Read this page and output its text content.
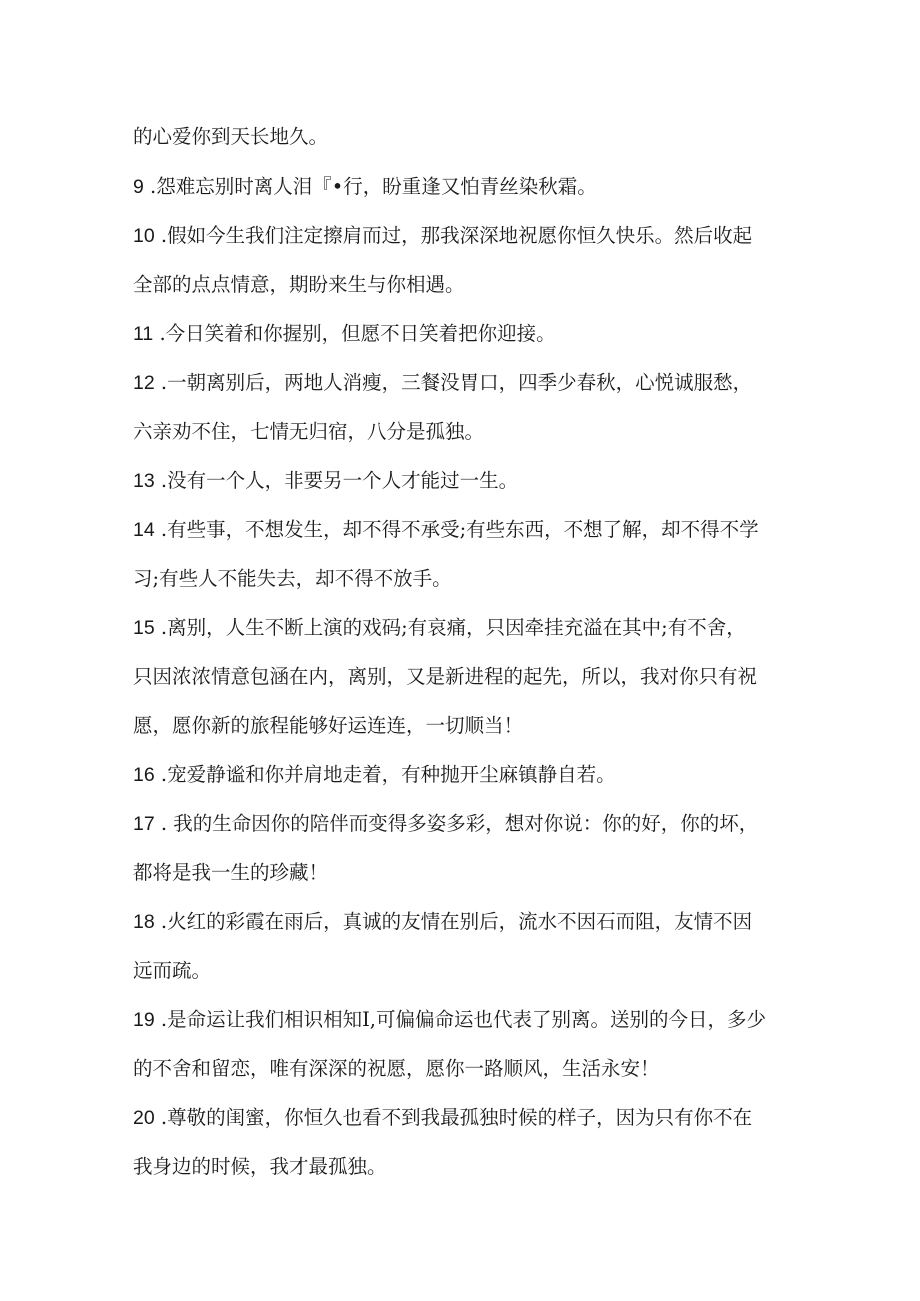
的心爱你到天长地久。

9 .怨难忘别时离人泪『•行，盼重逢又怕青丝染秋霜。

10 .假如今生我们注定擦肩而过，那我深深地祝愿你恒久快乐。然后收起

全部的点点情意，期盼来生与你相遇。

11 .今日笑着和你握别，但愿不日笑着把你迎接。

12 .一朝离别后，两地人消瘦，三餐没胃口，四季少春秋，心悦诚服愁，

六亲劝不住，七情无归宿，八分是孤独。

13 .没有一个人，非要另一个人才能过一生。

14 .有些事，不想发生，却不得不承受;有些东西，不想了解，却不得不学

习;有些人不能失去，却不得不放手。

15 .离别，人生不断上演的戏码;有哀痛，只因牵挂充溢在其中;有不舍，

只因浓浓情意包涵在内，离别，又是新进程的起先，所以，我对你只有祝

愿，愿你新的旅程能够好运连连，一切顺当！

16 .宠爱静谧和你并肩地走着，有种抛开尘麻镇静自若。

17 . 我的生命因你的陪伴而变得多姿多彩，想对你说：你的好，你的坏，

都将是我一生的珍藏！

18 .火红的彩霞在雨后，真诚的友情在别后，流水不因石而阻，友情不因

远而疏。

19 .是命运让我们相识相知I,可偏偏命运也代表了别离。送别的今日，多少

的不舍和留恋，唯有深深的祝愿，愿你一路顺风，生活永安！

20 .尊敬的闺蜜，你恒久也看不到我最孤独时候的样子，因为只有你不在

我身边的时候，我才最孤独。
